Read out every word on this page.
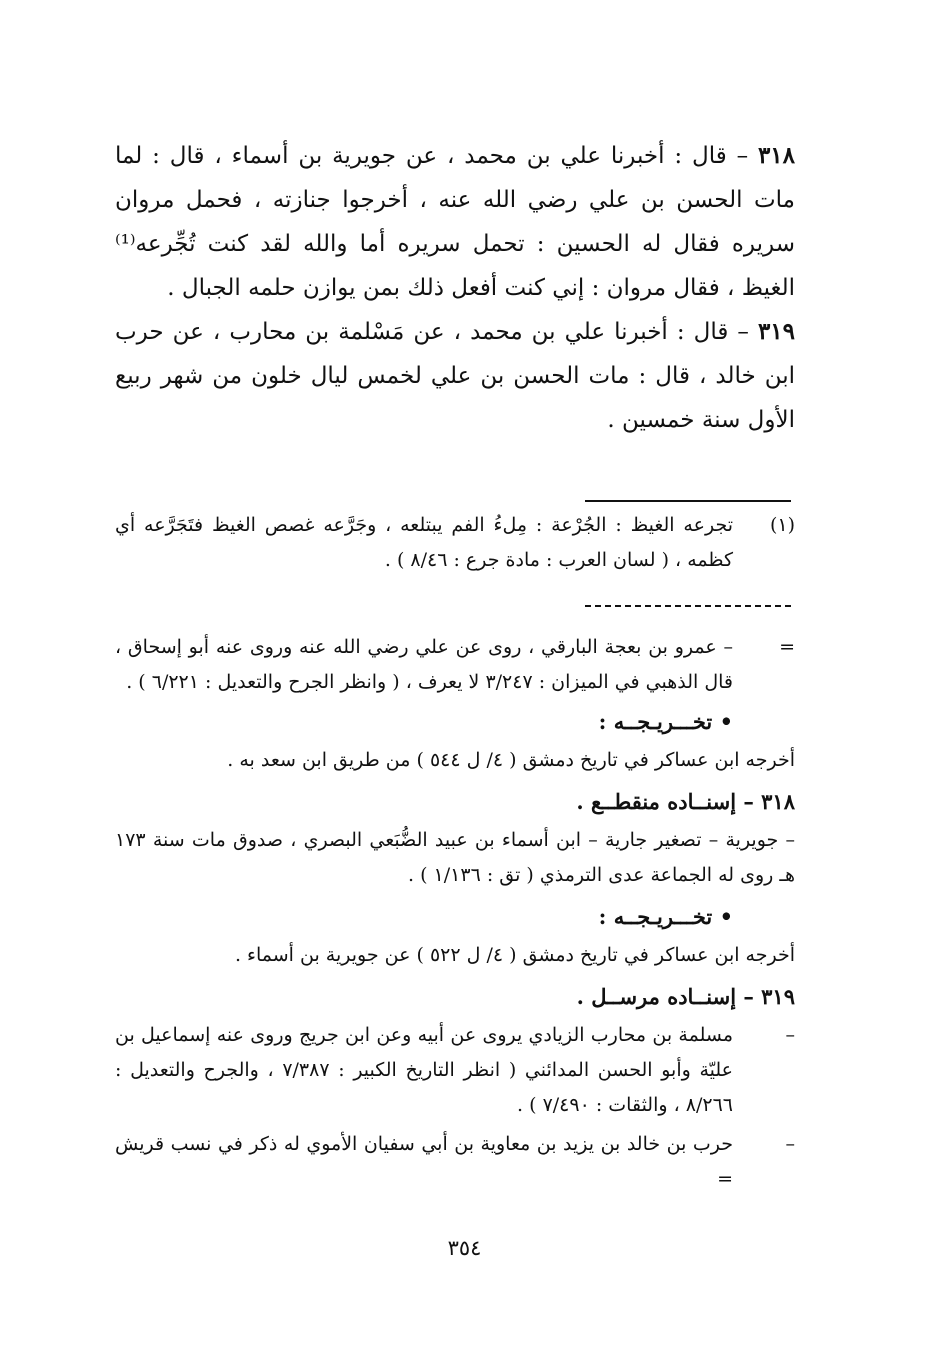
٣١٨ – قال : أخبرنا علي بن محمد ، عن جويرية بن أسماء ، قال : لما مات الحسن بن علي رضي الله عنه ، أخرجوا جنازته ، فحمل مروان سريره فقال له الحسين : تحمل سريره أما والله لقد كنت تُجِّرعه⁽¹⁾ الغيظ ، فقال مروان : إني كنت أفعل ذلك بمن يوازن حلمه الجبال .
٣١٩ – قال : أخبرنا علي بن محمد ، عن مَسْلمة بن محارب ، عن حرب ابن خالد ، قال : مات الحسن بن علي لخمس ليال خلون من شهر ربيع الأول سنة خمسين .
(١)
تجرعه الغيظ : الجُرْعة : مِلءُ الفم يبتلعه ، وجَرَّعه غصص الغيظ فتَجَرَّعه أي كظمه ، ( لسان العرب : مادة جرع : ٨/٤٦ ) .
=
– عمرو بن بعجة البارقي ، روى عن علي رضي الله عنه وروى عنه أبو إسحاق ، قال الذهبي في الميزان : ٣/٢٤٧ لا يعرف ، ( وانظر الجرح والتعديل : ٦/٢٢١ ) .
• تخـــريـجــه :
أخرجه ابن عساكر في تاريخ دمشق ( ٤/ ل ٥٤٤ ) من طريق ابن سعد به .
٣١٨ – إسنــاده منقطــع .
– جويرية – تصغير جارية – ابن أسماء بن عبيد الضُّبَعي البصري ، صدوق مات سنة ١٧٣ هـ روى له الجماعة عدى الترمذي ( تق : ١/١٣٦ ) .
• تخـــريـجــه :
أخرجه ابن عساكر في تاريخ دمشق ( ٤/ ل ٥٢٢ ) عن جويرية بن أسماء .
٣١٩ – إسنــاده مرســل .
–
مسلمة بن محارب الزيادي يروى عن أبيه وعن ابن جريج وروى عنه إسماعيل بن عليّة وأبو الحسن المدائني ( انظر التاريخ الكبير : ٧/٣٨٧ ، والجرح والتعديل : ٨/٢٦٦ ، والثقات : ٧/٤٩٠ ) .
–
حرب بن خالد بن يزيد بن معاوية بن أبي سفيان الأموي له ذكر في نسب قريش =
٣٥٤
